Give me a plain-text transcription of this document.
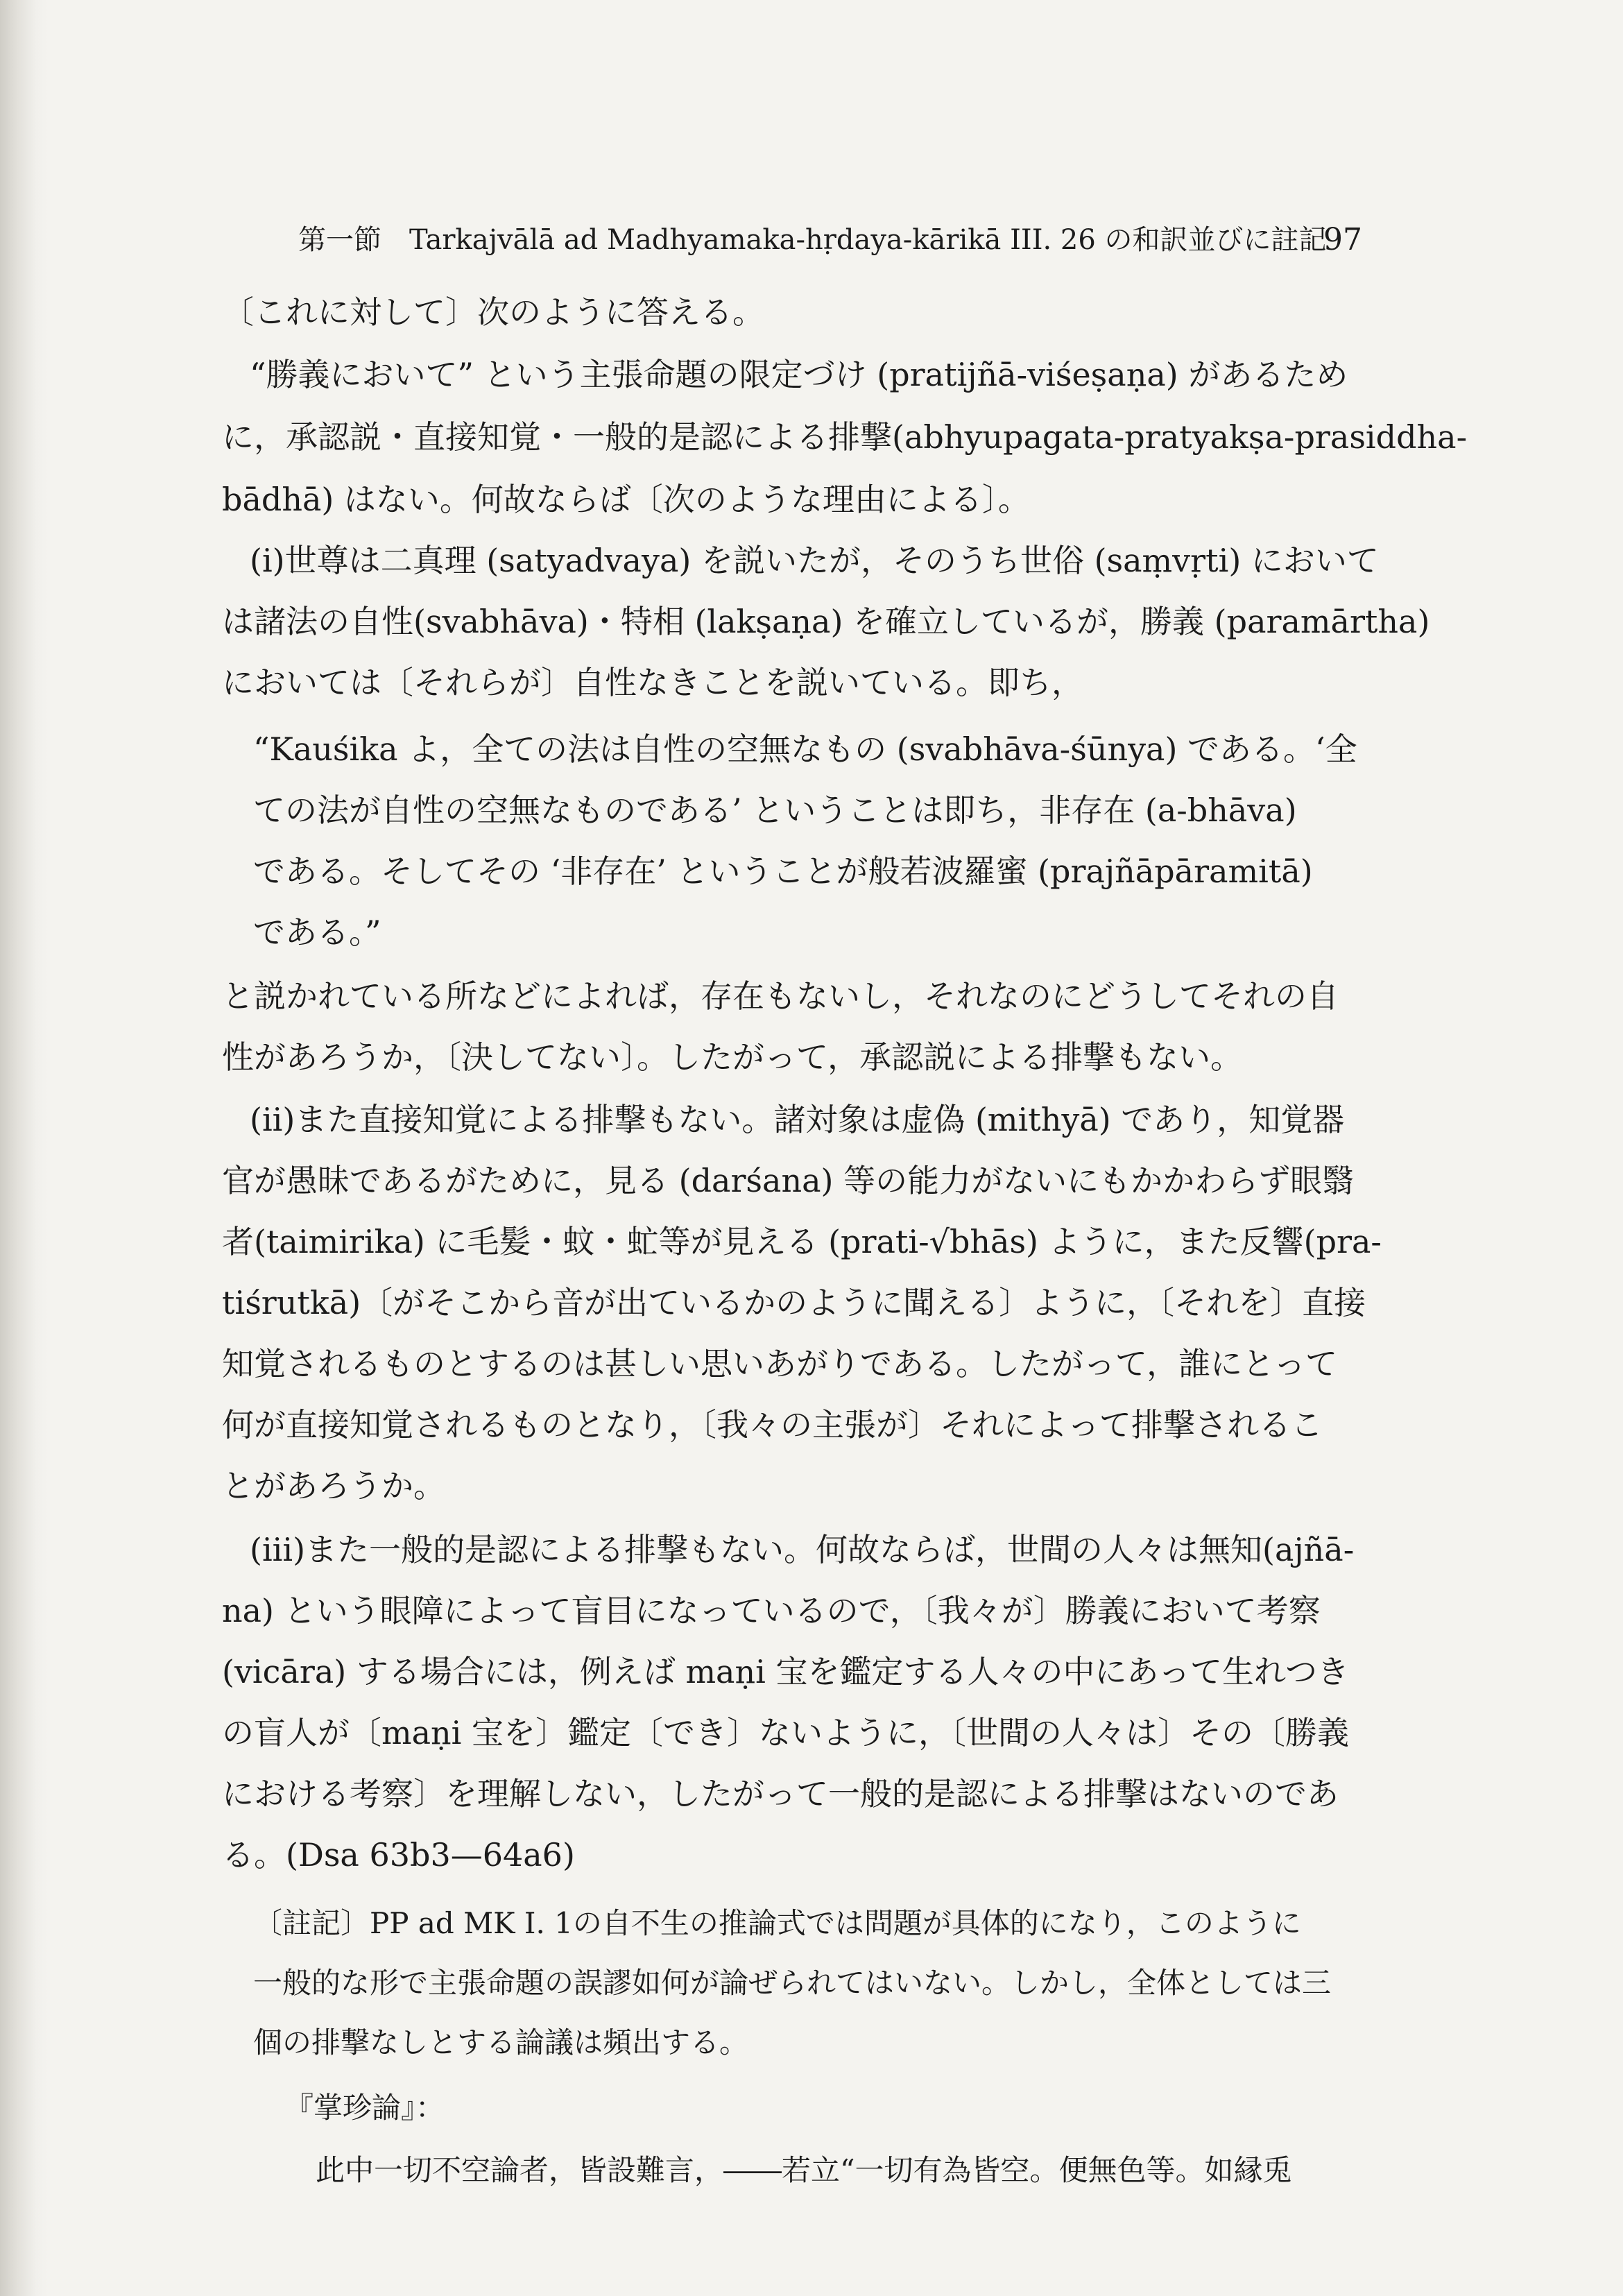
第一節　Tarkajvālā ad Madhyamaka-hṛdaya-kārikā III. 26 の和訳並びに註記
97
〔これに対して〕次のように答える。
“勝義において” という主張命題の限定づけ (pratijñā-viśeṣaṇa) があるため
に，承認説・直接知覚・一般的是認による排撃(abhyupagata-pratyakṣa-prasiddha-
bādhā) はない。何故ならば〔次のような理由による〕。
(i)世尊は二真理 (satyadvaya) を説いたが，そのうち世俗 (saṃvṛti) において
は諸法の自性(svabhāva)・特相 (lakṣaṇa) を確立しているが，勝義 (paramārtha)
においては〔それらが〕自性なきことを説いている。即ち，
“Kauśika よ，全ての法は自性の空無なもの (svabhāva-śūnya) である。‘全
ての法が自性の空無なものである’ ということは即ち，非存在 (a-bhāva)
である。そしてその ‘非存在’ ということが般若波羅蜜 (prajñāpāramitā)
である。”
と説かれている所などによれば，存在もないし，それなのにどうしてそれの自
性があろうか，〔決してない〕。したがって，承認説による排撃もない。
(ii)また直接知覚による排撃もない。諸対象は虚偽 (mithyā) であり，知覚器
官が愚昧であるがために，見る (darśana) 等の能力がないにもかかわらず眼翳
者(taimirika) に毛髪・蚊・虻等が見える (prati-√bhās) ように，また反響(pra-
tiśrutkā)〔がそこから音が出ているかのように聞える〕ように，〔それを〕直接
知覚されるものとするのは甚しい思いあがりである。したがって，誰にとって
何が直接知覚されるものとなり，〔我々の主張が〕それによって排撃されるこ
とがあろうか。
(iii)また一般的是認による排撃もない。何故ならば，世間の人々は無知(ajñā-
na) という眼障によって盲目になっているので，〔我々が〕勝義において考察
(vicāra) する場合には，例えば maṇi 宝を鑑定する人々の中にあって生れつき
の盲人が〔maṇi 宝を〕鑑定〔でき〕ないように，〔世間の人々は〕その〔勝義
における考察〕を理解しない，したがって一般的是認による排撃はないのであ
る。(Dsa 63b3—64a6)
〔註記〕PP ad MK I. 1の自不生の推論式では問題が具体的になり，このように
一般的な形で主張命題の誤謬如何が論ぜられてはいない。しかし，全体としては三
個の排撃なしとする論議は頻出する。
『掌珍論』：
此中一切不空論者，皆設難言，――若立“一切有為皆空。便無色等。如縁兎
